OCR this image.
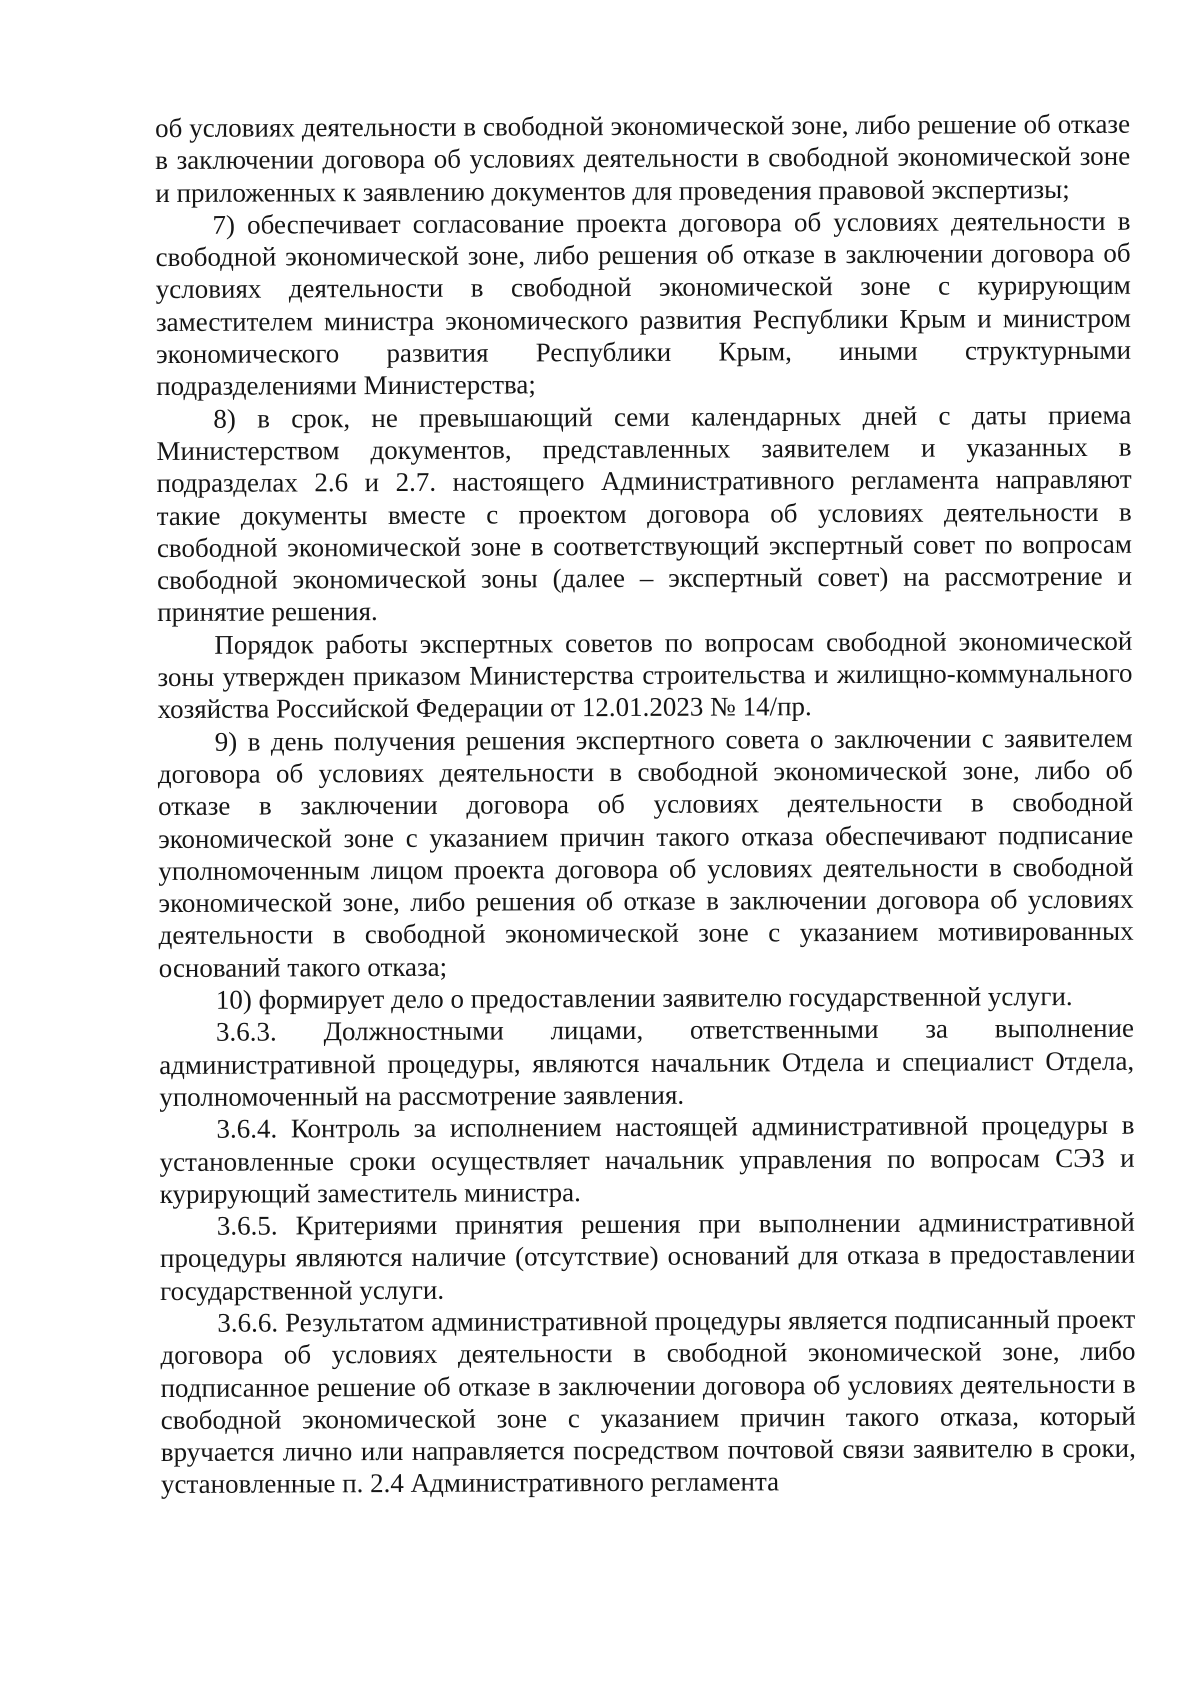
об условиях деятельности в свободной экономической зоне, либо решение об отказе в заключении договора об условиях деятельности в свободной экономической зоне и приложенных к заявлению документов для проведения правовой экспертизы;

7) обеспечивает согласование проекта договора об условиях деятельности в свободной экономической зоне, либо решения об отказе в заключении договора об условиях деятельности в свободной экономической зоне с курирующим заместителем министра экономического развития Республики Крым и министром экономического развития Республики Крым, иными структурными подразделениями Министерства;

8) в срок, не превышающий семи календарных дней с даты приема Министерством документов, представленных заявителем и указанных в подразделах 2.6 и 2.7. настоящего Административного регламента направляют такие документы вместе с проектом договора об условиях деятельности в свободной экономической зоне в соответствующий экспертный совет по вопросам свободной экономической зоны (далее – экспертный совет) на рассмотрение и принятие решения.

Порядок работы экспертных советов по вопросам свободной экономической зоны утвержден приказом Министерства строительства и жилищно-коммунального хозяйства Российской Федерации от 12.01.2023 № 14/пр.

9) в день получения решения экспертного совета о заключении с заявителем договора об условиях деятельности в свободной экономической зоне, либо об отказе в заключении договора об условиях деятельности в свободной экономической зоне с указанием причин такого отказа обеспечивают подписание уполномоченным лицом проекта договора об условиях деятельности в свободной экономической зоне, либо решения об отказе в заключении договора об условиях деятельности в свободной экономической зоне с указанием мотивированных оснований такого отказа;

10) формирует дело о предоставлении заявителю государственной услуги.

3.6.3. Должностными лицами, ответственными за выполнение административной процедуры, являются начальник Отдела и специалист Отдела, уполномоченный на рассмотрение заявления.

3.6.4. Контроль за исполнением настоящей административной процедуры в установленные сроки осуществляет начальник управления по вопросам СЭЗ и курирующий заместитель министра.

3.6.5. Критериями принятия решения при выполнении административной процедуры являются наличие (отсутствие) оснований для отказа в предоставлении государственной услуги.

3.6.6. Результатом административной процедуры является подписанный проект договора об условиях деятельности в свободной экономической зоне, либо подписанное решение об отказе в заключении договора об условиях деятельности в свободной экономической зоне с указанием причин такого отказа, который вручается лично или направляется посредством почтовой связи заявителю в сроки, установленные п. 2.4 Административного регламента
